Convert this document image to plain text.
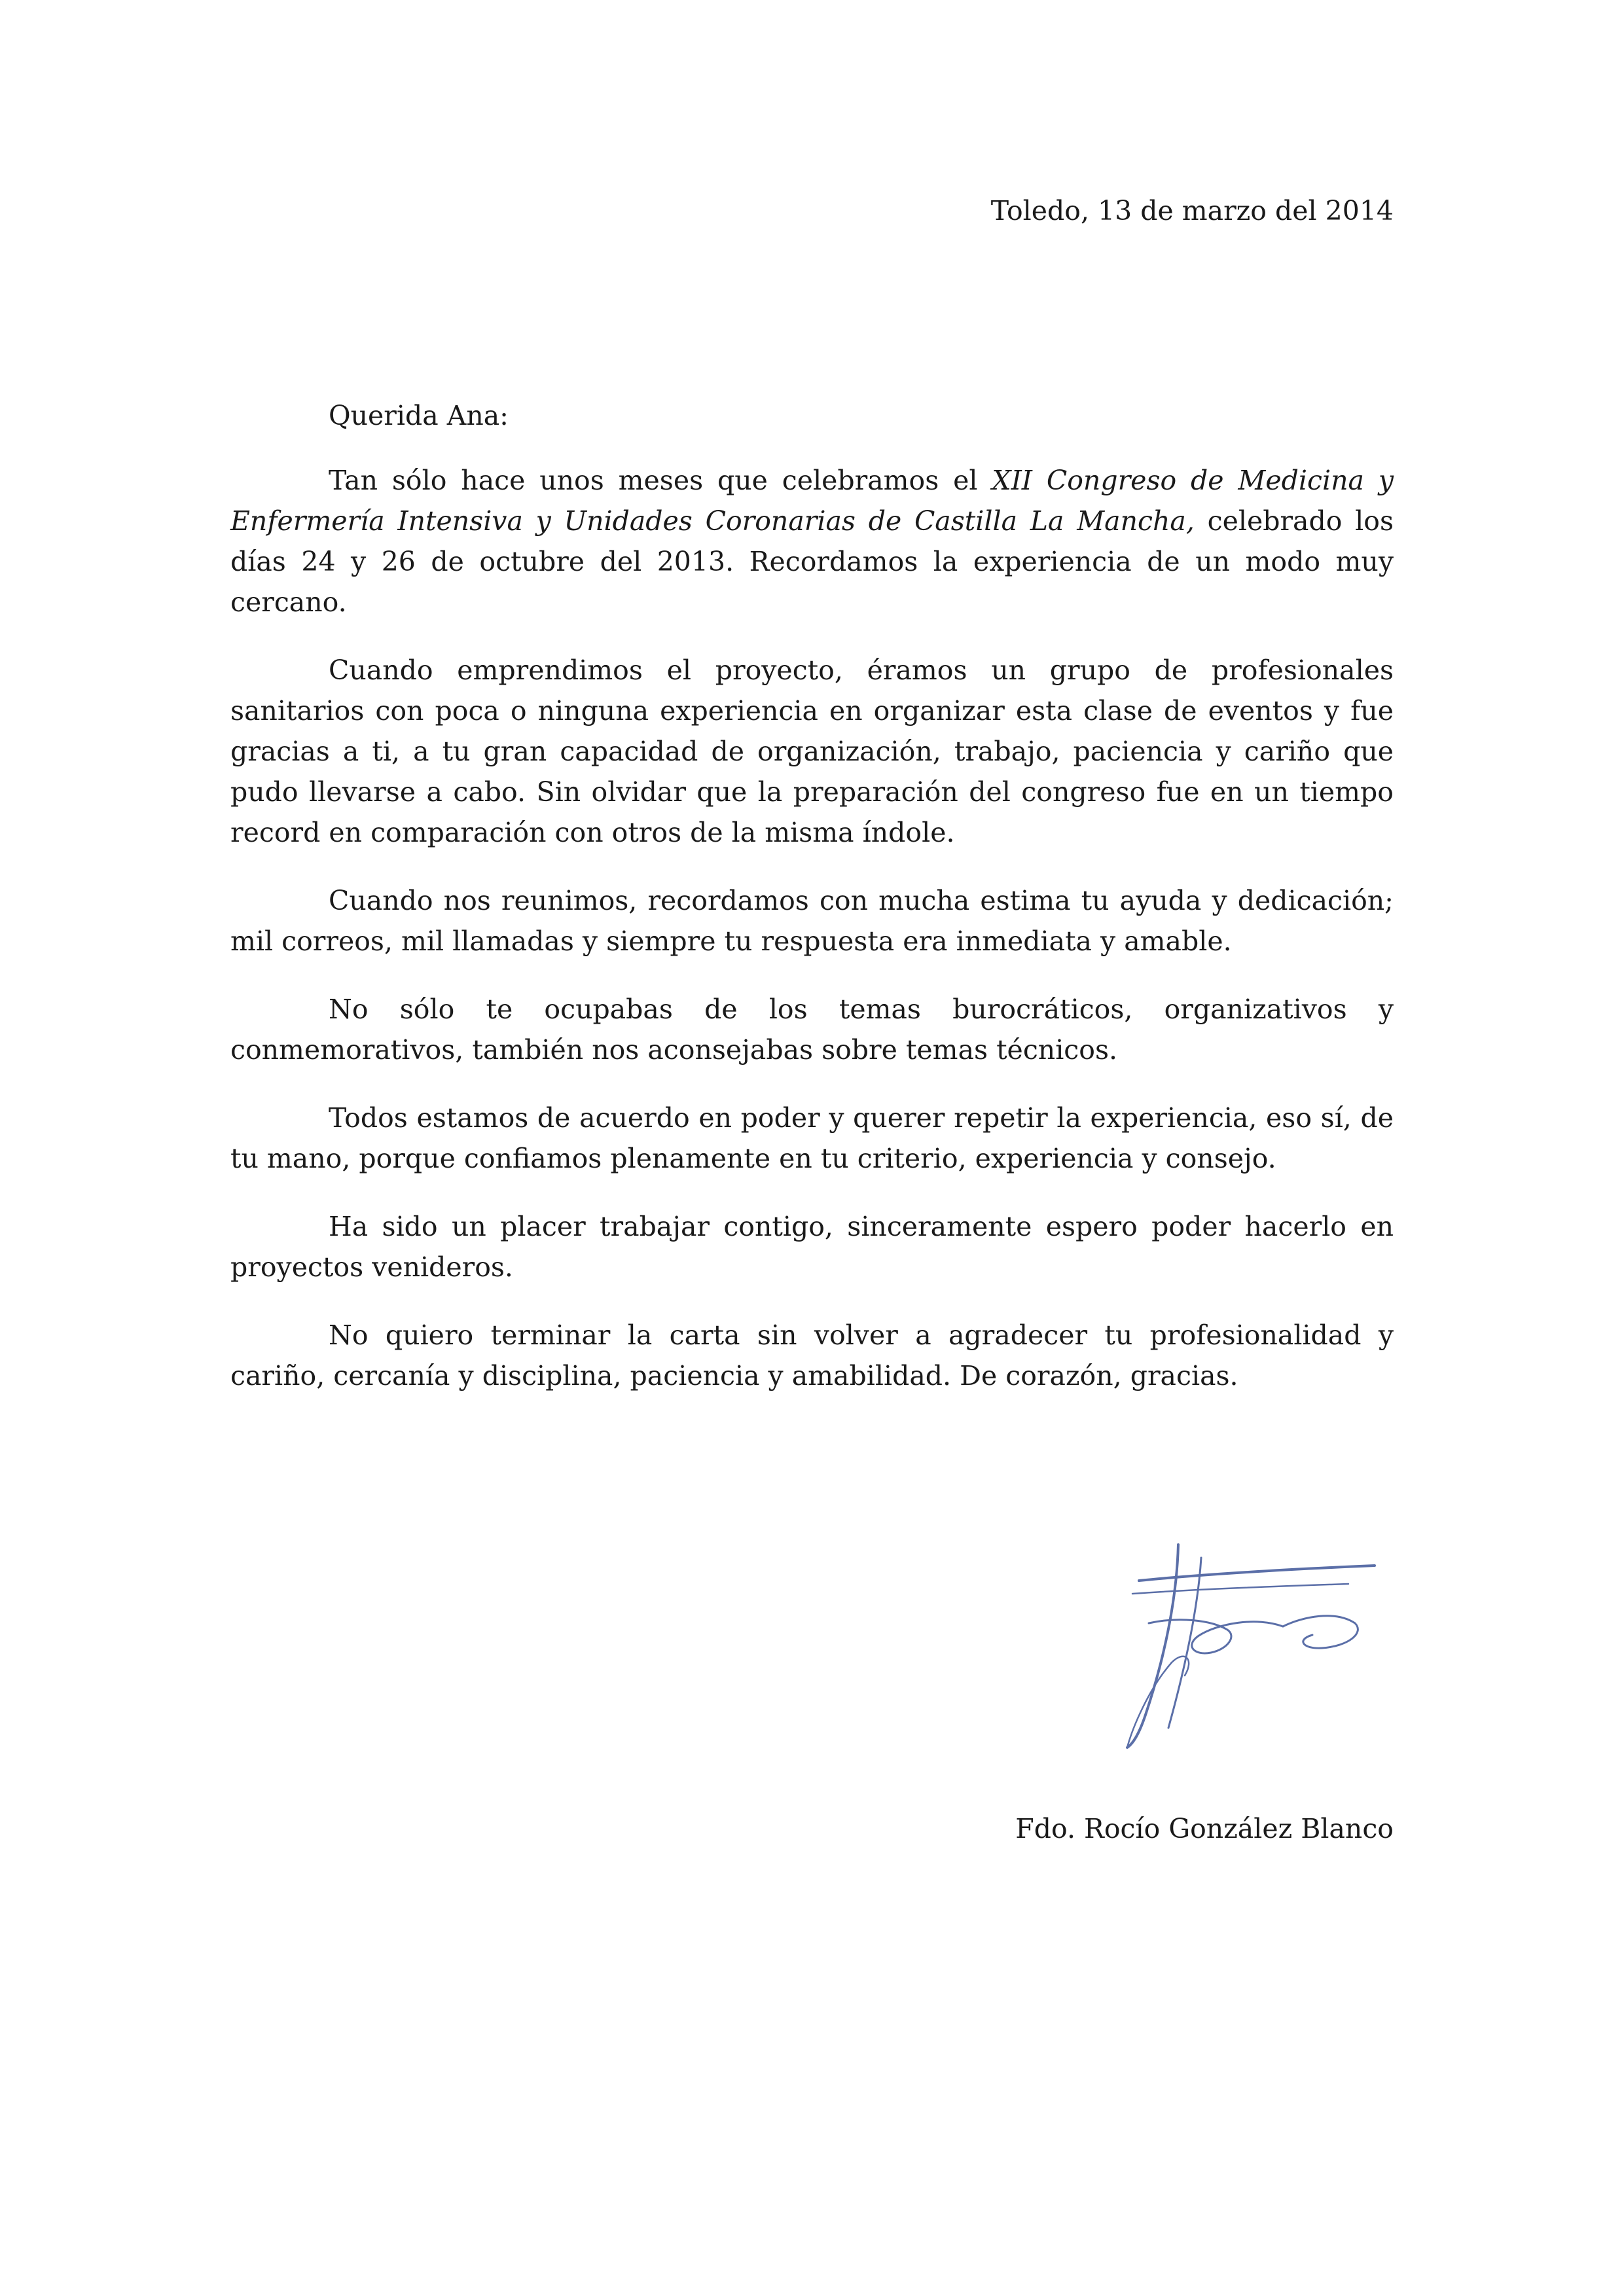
Toledo, 13 de marzo del 2014
Querida Ana:

Tan sólo hace unos meses que celebramos el XII Congreso de Medicina y Enfermería Intensiva y Unidades Coronarias de Castilla La Mancha, celebrado los días 24 y 26 de octubre del 2013. Recordamos la experiencia de un modo muy cercano.

Cuando emprendimos el proyecto, éramos un grupo de profesionales sanitarios con poca o ninguna experiencia en organizar esta clase de eventos y fue gracias a ti, a tu gran capacidad de organización, trabajo, paciencia y cariño que pudo llevarse a cabo. Sin olvidar que la preparación del congreso fue en un tiempo record en comparación con otros de la misma índole.

Cuando nos reunimos, recordamos con mucha estima tu ayuda y dedicación; mil correos, mil llamadas y siempre tu respuesta era inmediata y amable.

No sólo te ocupabas de los temas burocráticos, organizativos y conmemorativos, también nos aconsejabas sobre temas técnicos.

Todos estamos de acuerdo en poder y querer repetir la experiencia, eso sí, de tu mano, porque confiamos plenamente en tu criterio, experiencia y consejo.

Ha sido un placer trabajar contigo, sinceramente espero poder hacerlo en proyectos venideros.

No quiero terminar la carta sin volver a agradecer tu profesionalidad y cariño, cercanía y disciplina, paciencia y amabilidad. De corazón, gracias.

Fdo. Rocío González Blanco
